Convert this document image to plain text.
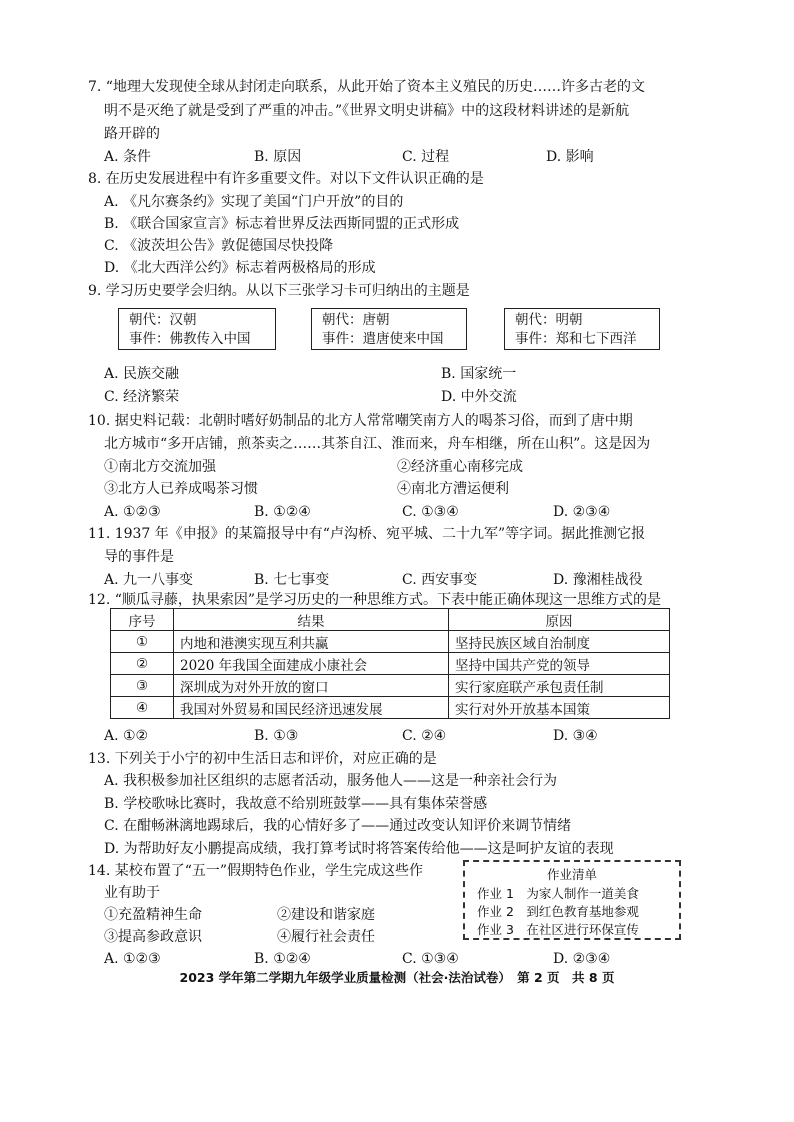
7. “地理大发现使全球从封闭走向联系，从此开始了资本主义殖民的历史……许多古老的文
明不是灭绝了就是受到了严重的冲击。”《世界文明史讲稿》中的这段材料讲述的是新航
路开辟的
A. 条件	B. 原因	C. 过程	D. 影响
8. 在历史发展进程中有许多重要文件。对以下文件认识正确的是
A. 《凡尔赛条约》实现了美国“门户开放”的目的
B. 《联合国家宣言》标志着世界反法西斯同盟的正式形成
C. 《波茨坦公告》敦促德国尽快投降
D. 《北大西洋公约》标志着两极格局的形成
9. 学习历史要学会归纳。从以下三张学习卡可归纳出的主题是
朝代：汉朝
事件：佛教传入中国
朝代：唐朝
事件：遣唐使来中国
朝代：明朝
事件：郑和七下西洋
A. 民族交融	B. 国家统一
C. 经济繁荣	D. 中外交流
10. 据史料记载：北朝时嗜好奶制品的北方人常常嘲笑南方人的喝茶习俗，而到了唐中期
北方城市“多开店铺，煎茶卖之……其茶自江、淮而来，舟车相继，所在山积”。这是因为
①南北方交流加强	②经济重心南移完成
③北方人已养成喝茶习惯	④南北方漕运便利
A. ①②③	B. ①②④	C. ①③④	D. ②③④
11. 1937 年《申报》的某篇报导中有“卢沟桥、宛平城、二十九军”等字词。据此推测它报
导的事件是
A. 九一八事变	B. 七七事变	C. 西安事变	D. 豫湘桂战役
12. “顺瓜寻藤，执果索因”是学习历史的一种思维方式。下表中能正确体现这一思维方式的是
序号	结果	原因
①	内地和港澳实现互利共赢	坚持民族区域自治制度
②	2020 年我国全面建成小康社会	坚持中国共产党的领导
③	深圳成为对外开放的窗口	实行家庭联产承包责任制
④	我国对外贸易和国民经济迅速发展	实行对外开放基本国策
A. ①②	B. ①③	C. ②④	D. ③④
13. 下列关于小宁的初中生活日志和评价，对应正确的是
A. 我积极参加社区组织的志愿者活动，服务他人——这是一种亲社会行为
B. 学校歌咏比赛时，我故意不给别班鼓掌——具有集体荣誉感
C. 在酣畅淋漓地踢球后，我的心情好多了——通过改变认知评价来调节情绪
D. 为帮助好友小鹏提高成绩，我打算考试时将答案传给他——这是呵护友谊的表现
14. 某校布置了“五一”假期特色作业，学生完成这些作
业有助于
①充盈精神生命	②建设和谐家庭
③提高参政意识	④履行社会责任
A. ①②③	B. ①②④	C. ①③④	D. ②③④
作业清单
作业 1　为家人制作一道美食
作业 2　到红色教育基地参观
作业 3　在社区进行环保宣传
2023 学年第二学期九年级学业质量检测（社会·法治试卷）　第 2 页　共 8 页
